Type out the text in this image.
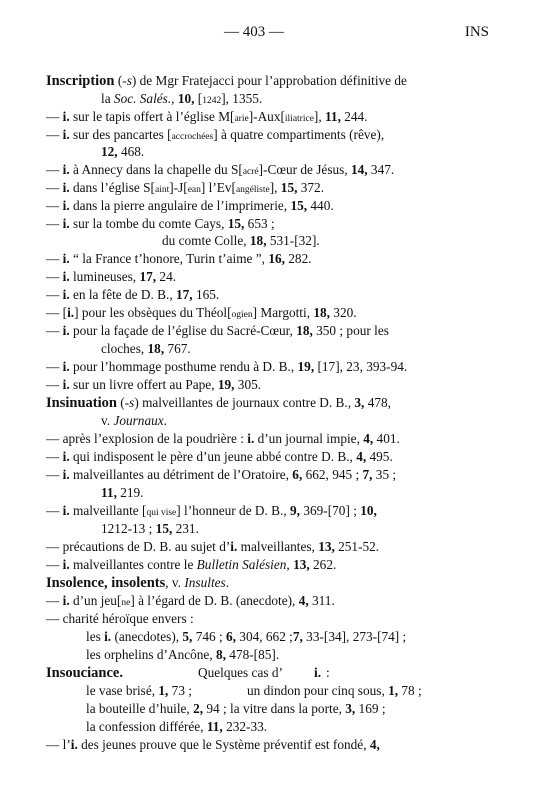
— 403 —	INS
Inscription (-s) de Mgr Fratejacci pour l’approbation définitive de
la Soc. Salés., 10, [1242], 1355.
— i. sur le tapis offert à l’église M[arie]-Aux[iliatrice], 11, 244.
— i. sur des pancartes [accrochées] à quatre compartiments (rêve),
12, 468.
— i. à Annecy dans la chapelle du S[acré]-Cœur de Jésus, 14, 347.
— i. dans l’église S[aint]-J[ean] l’Ev[angéliste], 15, 372.
— i. dans la pierre angulaire de l’imprimerie, 15, 440.
— i. sur la tombe du comte Cays, 15, 653 ;
du comte Colle, 18, 531-[32].
— i. “ la France t’honore, Turin t’aime ”, 16, 282.
— i. lumineuses, 17, 24.
— i. en la fête de D. B., 17, 165.
— [i.] pour les obsèques du Théol[ogien] Margotti, 18, 320.
— i. pour la façade de l’église du Sacré-Cœur, 18, 350 ; pour les
cloches, 18, 767.
— i. pour l’hommage posthume rendu à D. B., 19, [17], 23, 393-94.
— i. sur un livre offert au Pape, 19, 305.
Insinuation (-s) malveillantes de journaux contre D. B., 3, 478,
v. Journaux.
— après l’explosion de la poudrière : i. d’un journal impie, 4, 401.
— i. qui indisposent le père d’un jeune abbé contre D. B., 4, 495.
— i. malveillantes au détriment de l’Oratoire, 6, 662, 945 ; 7, 35 ;
11, 219.
— i. malveillante [qui vise] l’honneur de D. B., 9, 369-[70] ; 10,
1212-13 ; 15, 231.
— précautions de D. B. au sujet d’i. malveillantes, 13, 251-52.
— i. malveillantes contre le Bulletin Salésien, 13, 262.
Insolence, insolents, v. Insultes.
— i. d’un jeu[ne] à l’égard de D. B. (anecdote), 4, 311.
— charité héroïque envers :
les i. (anecdotes), 5, 746 ; 6, 304, 662 ;7, 33-[34], 273-[74] ;
les orphelins d’Ancône, 8, 478-[85].
Insouciance.	Quelques cas d’ i. :
le vase brisé, 1, 73 ;	un dindon pour cinq sous, 1, 78 ;
la bouteille d’huile, 2, 94 ; la vitre dans la porte, 3, 169 ;
la confession différée, 11, 232-33.
— l’i. des jeunes prouve que le Système préventif est fondé, 4,
